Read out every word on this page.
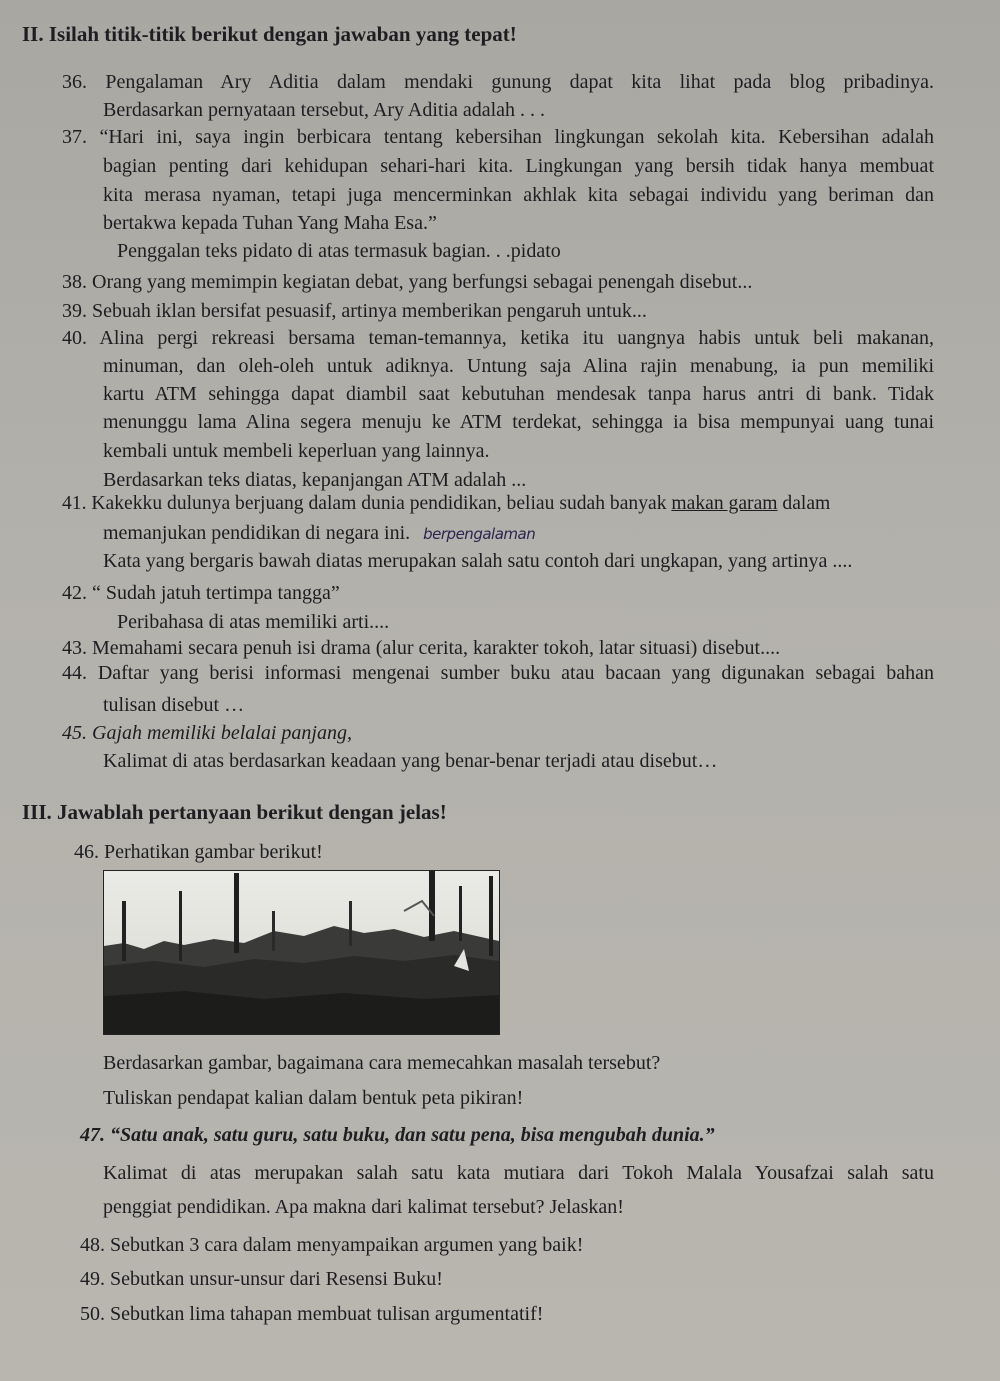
II. Isilah titik-titik berikut dengan jawaban yang tepat!
36. Pengalaman Ary Aditia dalam mendaki gunung dapat kita lihat pada blog pribadinya.
Berdasarkan pernyataan tersebut, Ary Aditia adalah . . .
37. “Hari ini, saya ingin berbicara tentang kebersihan lingkungan sekolah kita. Kebersihan adalah
bagian penting dari kehidupan sehari-hari kita. Lingkungan yang bersih tidak hanya membuat
kita merasa nyaman, tetapi juga mencerminkan akhlak kita sebagai individu yang beriman dan
bertakwa kepada Tuhan Yang Maha Esa.”
Penggalan teks pidato di atas termasuk bagian. . .pidato
38. Orang yang memimpin kegiatan debat, yang berfungsi sebagai penengah disebut...
39. Sebuah iklan bersifat pesuasif, artinya memberikan pengaruh untuk...
40. Alina pergi rekreasi bersama teman-temannya, ketika itu uangnya habis untuk beli makanan,
minuman, dan oleh-oleh untuk adiknya. Untung saja Alina rajin menabung, ia pun memiliki
kartu ATM sehingga dapat diambil saat kebutuhan mendesak tanpa harus antri di bank. Tidak
menunggu lama Alina segera menuju ke ATM terdekat, sehingga ia bisa mempunyai uang tunai
kembali untuk membeli keperluan yang lainnya.
Berdasarkan teks diatas, kepanjangan ATM adalah ...
41. Kakekku dulunya berjuang dalam dunia pendidikan, beliau sudah banyak makan garam dalam
memanjukan pendidikan di negara ini. berpengalaman
Kata yang bergaris bawah diatas merupakan salah satu contoh dari ungkapan, yang artinya ....
42. “ Sudah jatuh tertimpa tangga”
Peribahasa di atas memiliki arti....
43. Memahami secara penuh isi drama (alur cerita, karakter tokoh, latar situasi) disebut....
44. Daftar yang berisi informasi mengenai sumber buku atau bacaan yang digunakan sebagai bahan
tulisan disebut …
45. Gajah memiliki belalai panjang,
Kalimat di atas berdasarkan keadaan yang benar-benar terjadi atau disebut…
III. Jawablah pertanyaan berikut dengan jelas!
46. Perhatikan gambar berikut!
Berdasarkan gambar, bagaimana cara memecahkan masalah tersebut?
Tuliskan pendapat kalian dalam bentuk peta pikiran!
47. “Satu anak, satu guru, satu buku, dan satu pena, bisa mengubah dunia.”
Kalimat di atas merupakan salah satu kata mutiara dari Tokoh Malala Yousafzai salah satu
penggiat pendidikan. Apa makna dari kalimat tersebut? Jelaskan!
48. Sebutkan 3 cara dalam menyampaikan argumen yang baik!
49. Sebutkan unsur-unsur dari Resensi Buku!
50. Sebutkan lima tahapan membuat tulisan argumentatif!
